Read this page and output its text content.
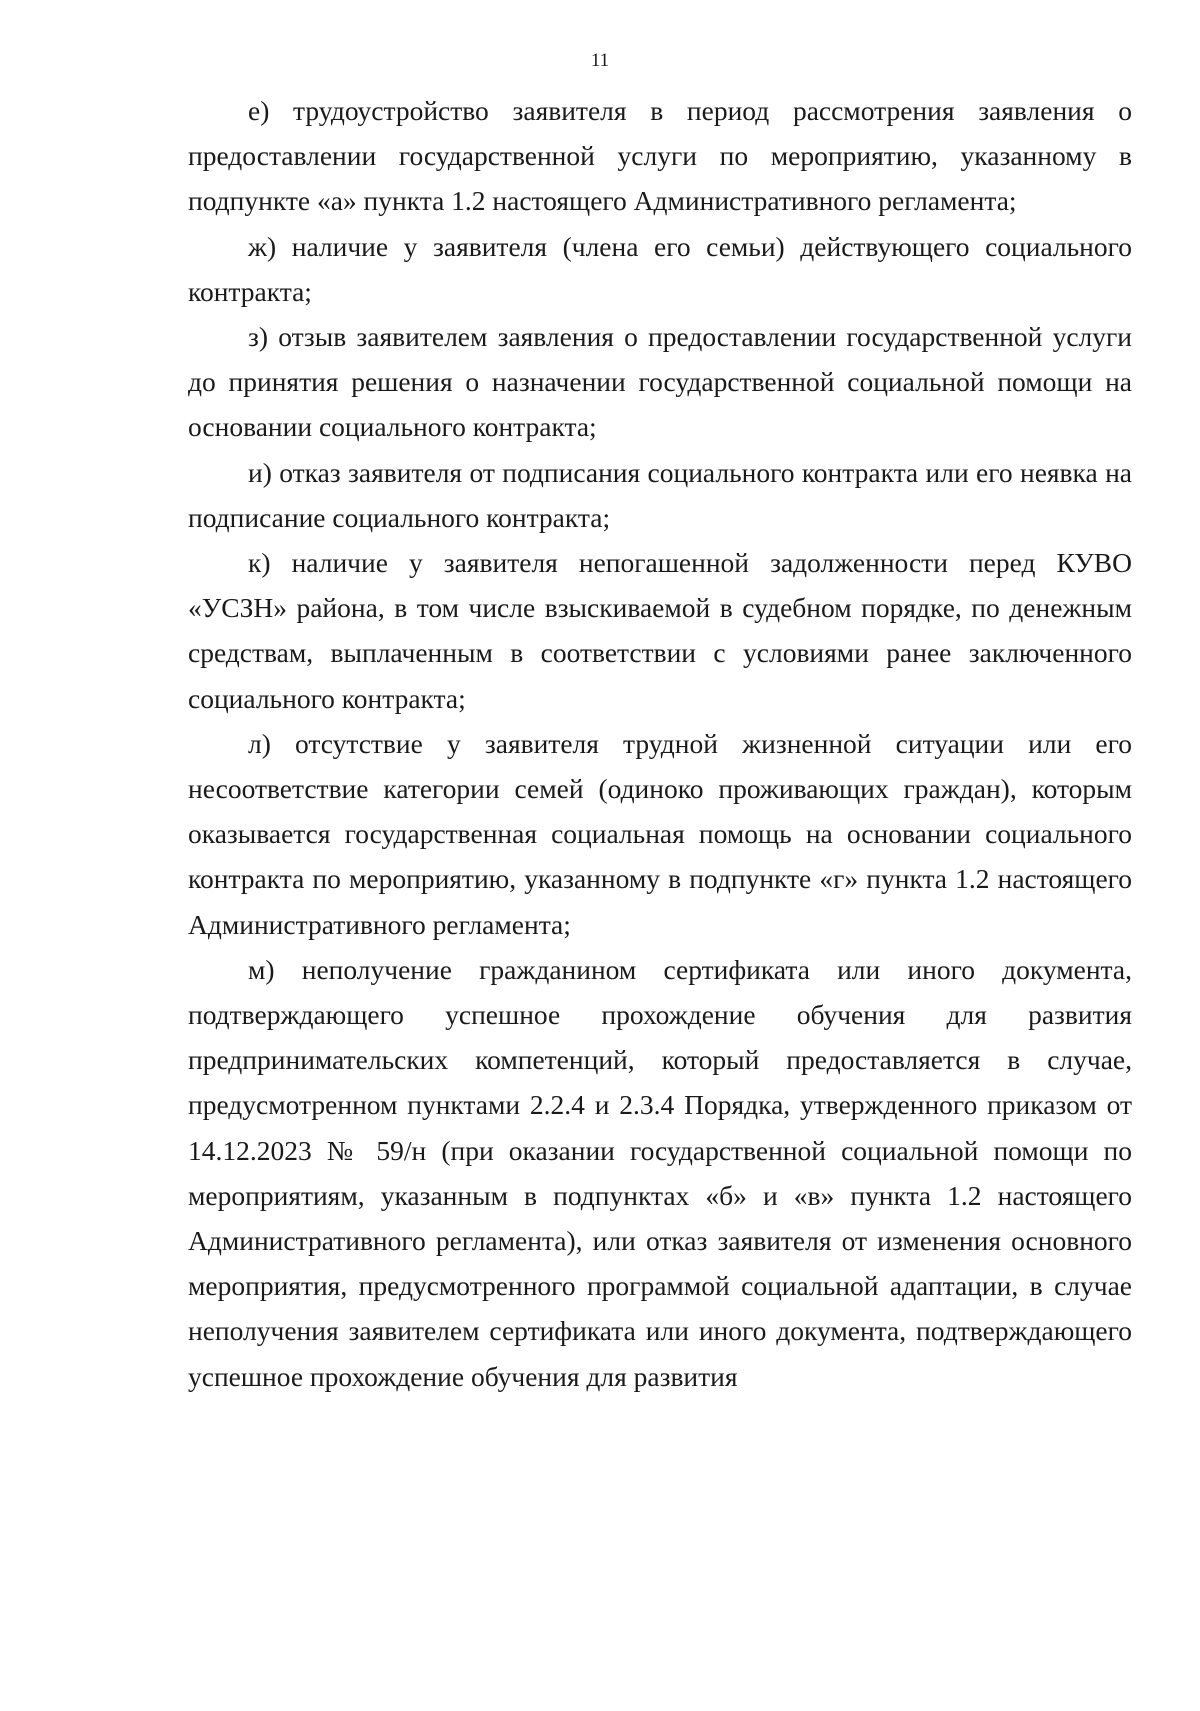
11

е) трудоустройство заявителя в период рассмотрения заявления о предоставлении государственной услуги по мероприятию, указанному в подпункте «а» пункта 1.2 настоящего Административного регламента;

ж) наличие у заявителя (члена его семьи) действующего социального контракта;

з) отзыв заявителем заявления о предоставлении государственной услуги до принятия решения о назначении государственной социальной помощи на основании социального контракта;

и) отказ заявителя от подписания социального контракта или его неявка на подписание социального контракта;

к) наличие у заявителя непогашенной задолженности перед КУВО «УСЗН» района, в том числе взыскиваемой в судебном порядке, по денежным средствам, выплаченным в соответствии с условиями ранее заключенного социального контракта;

л) отсутствие у заявителя трудной жизненной ситуации или его несоответствие категории семей (одиноко проживающих граждан), которым оказывается государственная социальная помощь на основании социального контракта по мероприятию, указанному в подпункте «г» пункта 1.2 настоящего Административного регламента;

м) неполучение гражданином сертификата или иного документа, подтверждающего успешное прохождение обучения для развития предпринимательских компетенций, который предоставляется в случае, предусмотренном пунктами 2.2.4 и 2.3.4 Порядка, утвержденного приказом от 14.12.2023 № 59/н (при оказании государственной социальной помощи по мероприятиям, указанным в подпунктах «б» и «в» пункта 1.2 настоящего Административного регламента), или отказ заявителя от изменения основного мероприятия, предусмотренного программой социальной адаптации, в случае неполучения заявителем сертификата или иного документа, подтверждающего успешное прохождение обучения для развития
